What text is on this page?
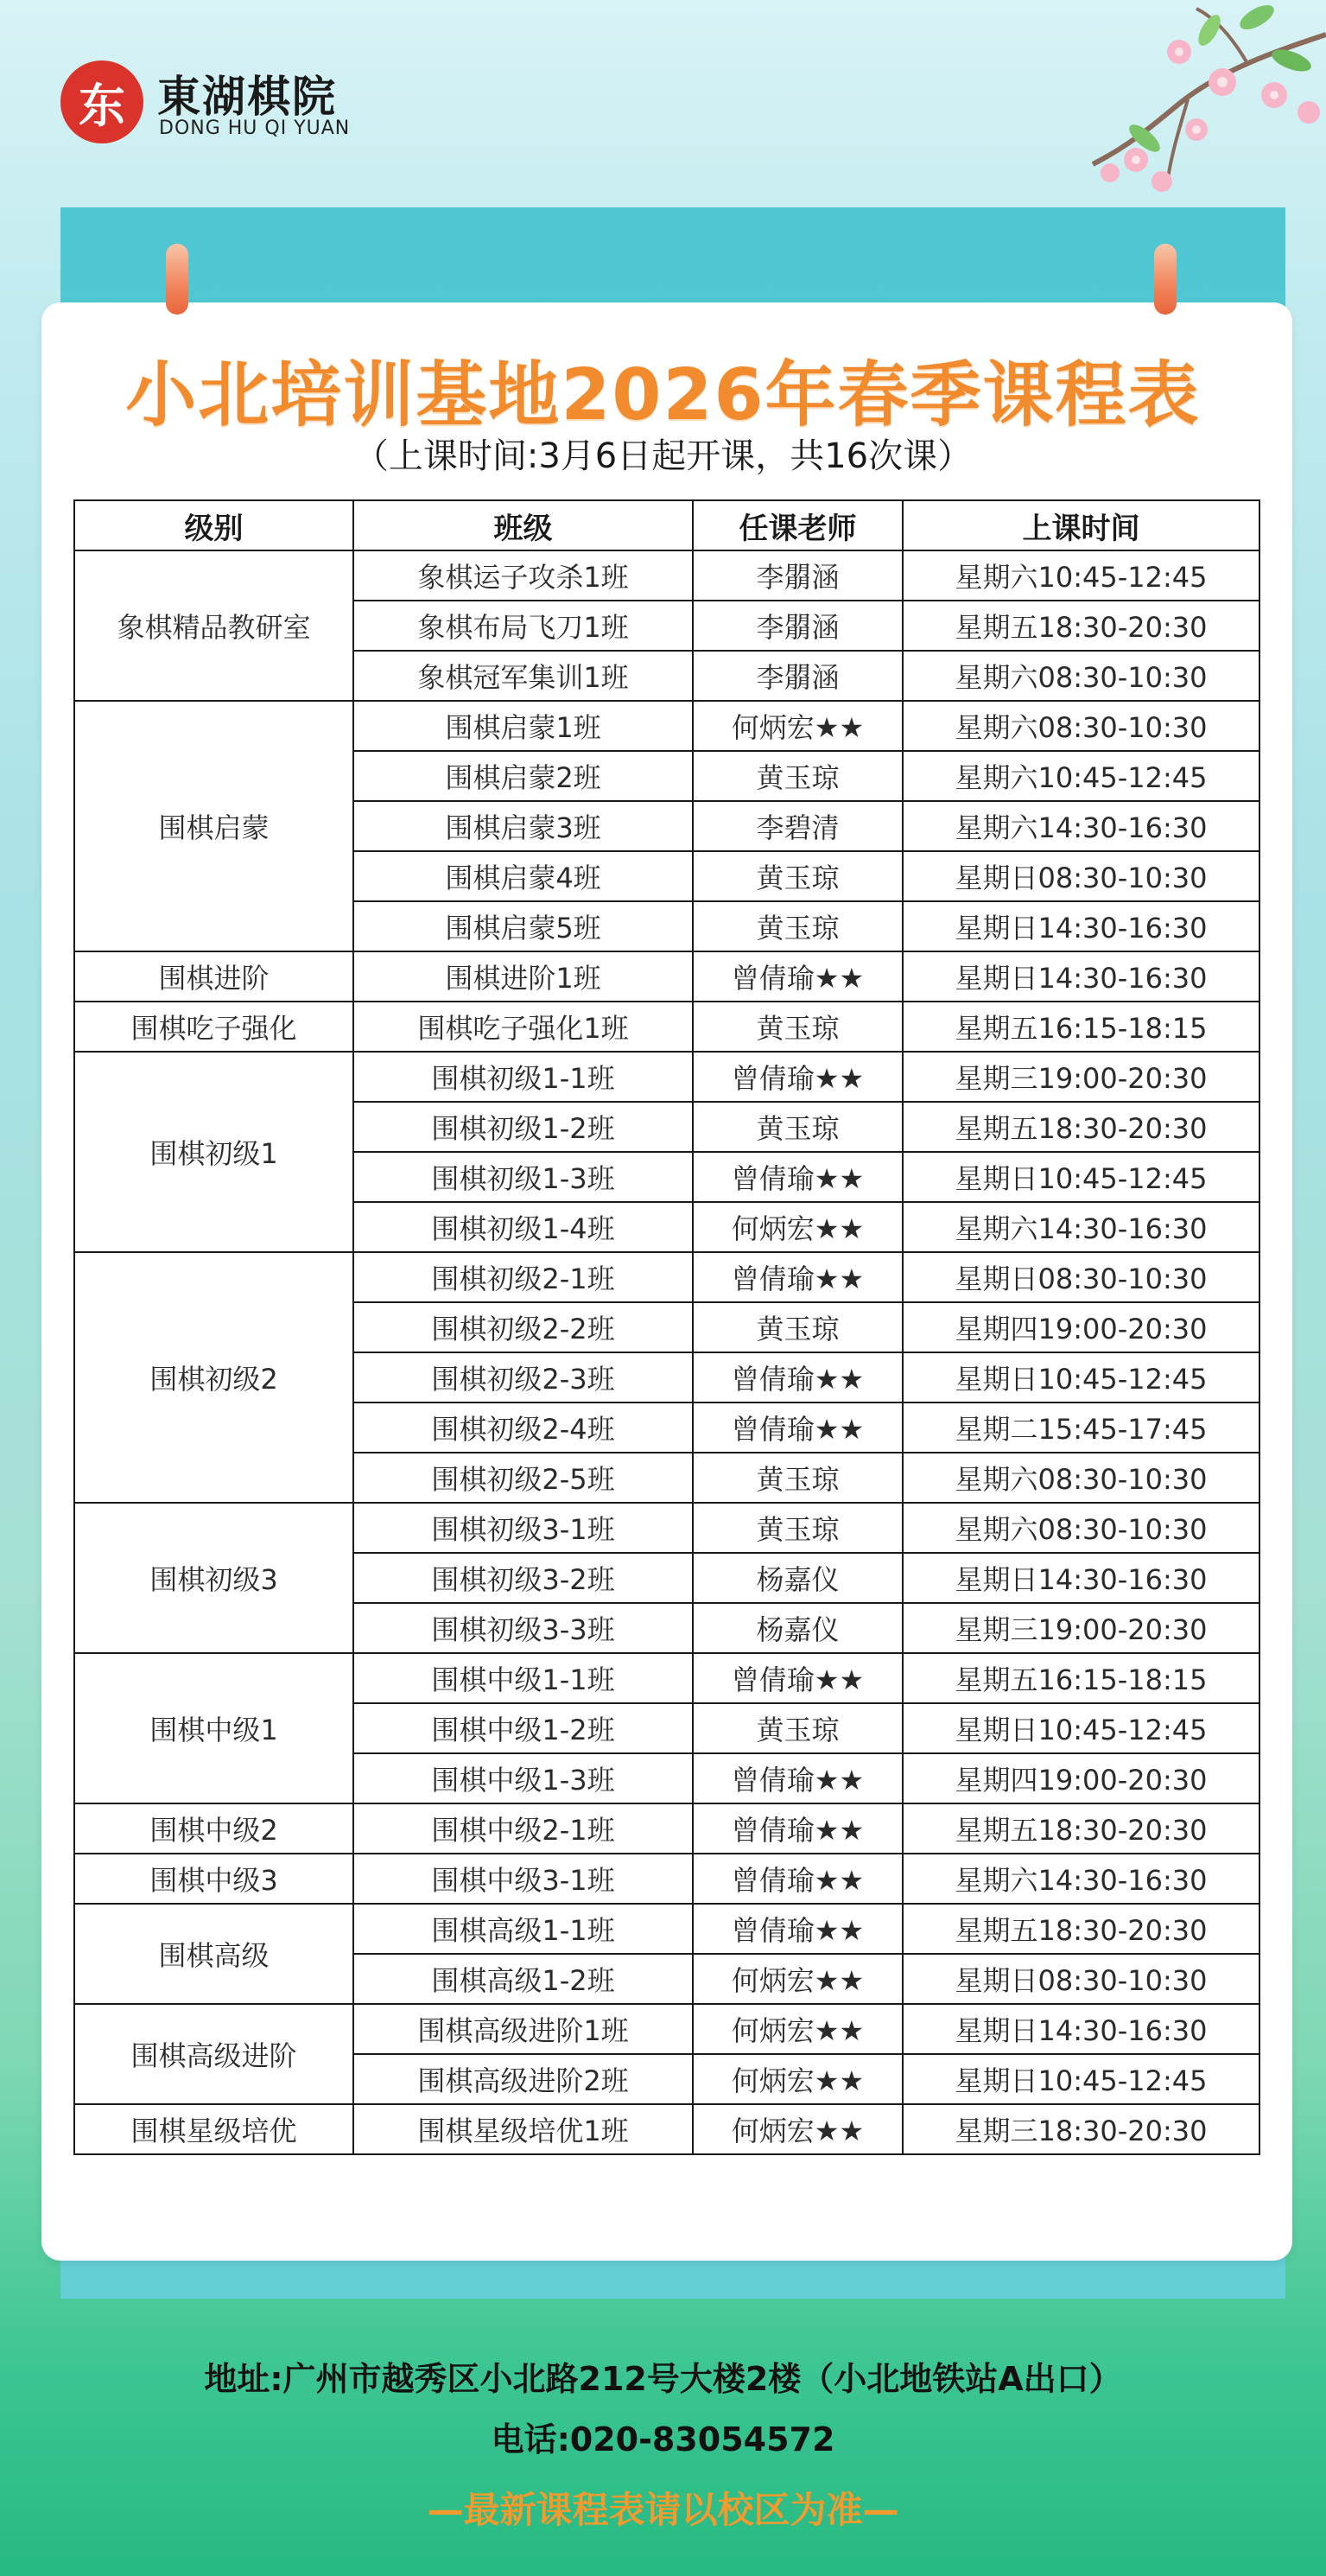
东 東湖棋院
DONG HU QI YUAN
小北培训基地2026年春季课程表
（上课时间:3月6日起开课，共16次课）
级别	班级	任课老师	上课时间
象棋精品教研室	象棋运子攻杀1班	李朤涵	星期六10:45-12:45
	象棋布局飞刀1班	李朤涵	星期五18:30-20:30
	象棋冠军集训1班	李朤涵	星期六08:30-10:30
围棋启蒙	围棋启蒙1班	何炳宏★★	星期六08:30-10:30
	围棋启蒙2班	黄玉琼	星期六10:45-12:45
	围棋启蒙3班	李碧清	星期六14:30-16:30
	围棋启蒙4班	黄玉琼	星期日08:30-10:30
	围棋启蒙5班	黄玉琼	星期日14:30-16:30
围棋进阶	围棋进阶1班	曾倩瑜★★	星期日14:30-16:30
围棋吃子强化	围棋吃子强化1班	黄玉琼	星期五16:15-18:15
围棋初级1	围棋初级1-1班	曾倩瑜★★	星期三19:00-20:30
	围棋初级1-2班	黄玉琼	星期五18:30-20:30
	围棋初级1-3班	曾倩瑜★★	星期日10:45-12:45
	围棋初级1-4班	何炳宏★★	星期六14:30-16:30
围棋初级2	围棋初级2-1班	曾倩瑜★★	星期日08:30-10:30
	围棋初级2-2班	黄玉琼	星期四19:00-20:30
	围棋初级2-3班	曾倩瑜★★	星期日10:45-12:45
	围棋初级2-4班	曾倩瑜★★	星期二15:45-17:45
	围棋初级2-5班	黄玉琼	星期六08:30-10:30
围棋初级3	围棋初级3-1班	黄玉琼	星期六08:30-10:30
	围棋初级3-2班	杨嘉仪	星期日14:30-16:30
	围棋初级3-3班	杨嘉仪	星期三19:00-20:30
围棋中级1	围棋中级1-1班	曾倩瑜★★	星期五16:15-18:15
	围棋中级1-2班	黄玉琼	星期日10:45-12:45
	围棋中级1-3班	曾倩瑜★★	星期四19:00-20:30
围棋中级2	围棋中级2-1班	曾倩瑜★★	星期五18:30-20:30
围棋中级3	围棋中级3-1班	曾倩瑜★★	星期六14:30-16:30
围棋高级	围棋高级1-1班	曾倩瑜★★	星期五18:30-20:30
	围棋高级1-2班	何炳宏★★	星期日08:30-10:30
围棋高级进阶	围棋高级进阶1班	何炳宏★★	星期日14:30-16:30
	围棋高级进阶2班	何炳宏★★	星期日10:45-12:45
围棋星级培优	围棋星级培优1班	何炳宏★★	星期三18:30-20:30
地址:广州市越秀区小北路212号大楼2楼（小北地铁站A出口）
电话:020-83054572
—最新课程表请以校区为准—
